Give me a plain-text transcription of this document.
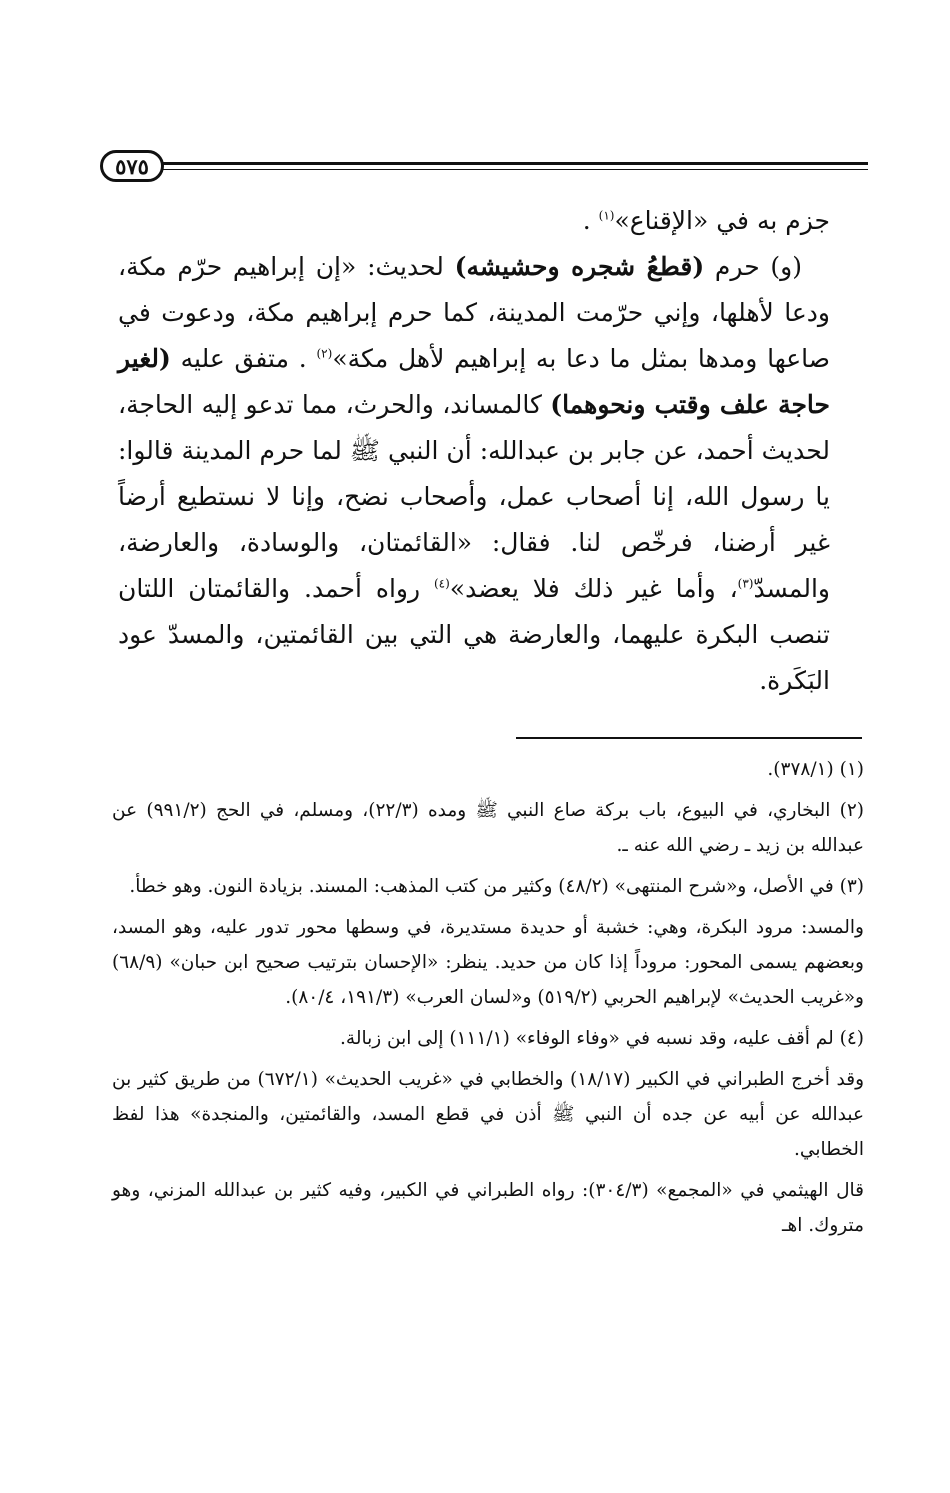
٥٧٥

جزم به في «الإقناع»$^{(١)}$ .

(و) حرم (قطعُ شجره وحشيشه) لحديث: «إن إبراهيم حرّم مكة، ودعا لأهلها، وإني حرّمت المدينة، كما حرم إبراهيم مكة، ودعوت في صاعها ومدها بمثل ما دعا به إبراهيم لأهل مكة»$^{(٢)}$ . متفق عليه (لغير حاجة علف وقتب ونحوهما) كالمساند، والحرث، مما تدعو إليه الحاجة، لحديث أحمد، عن جابر بن عبدالله: أن النبي ﷺ لما حرم المدينة قالوا: يا رسول الله، إنا أصحاب عمل، وأصحاب نضح، وإنا لا نستطيع أرضاً غير أرضنا، فرخّص لنا. فقال: «القائمتان، والوسادة، والعارضة، والمسدّ$^{(٣)}$، وأما غير ذلك فلا يعضد»$^{(٤)}$ رواه أحمد. والقائمتان اللتان تنصب البكرة عليهما، والعارضة هي التي بين القائمتين، والمسدّ عود البَكَرة.

(١) (٣٧٨/١).

(٢) البخاري، في البيوع، باب بركة صاع النبي ﷺ ومده (٢٢/٣)، ومسلم، في الحج (٩٩١/٢) عن عبدالله بن زيد ـ رضي الله عنه ـ.

(٣) في الأصل، و«شرح المنتهى» (٤٨/٢) وكثير من كتب المذهب: المسند. بزيادة النون. وهو خطأ.

والمسد: مرود البكرة، وهي: خشبة أو حديدة مستديرة، في وسطها محور تدور عليه، وهو المسد، وبعضهم يسمى المحور: مروداً إذا كان من حديد. ينظر: «الإحسان بترتيب صحيح ابن حبان» (٦٨/٩) و«غريب الحديث» لإبراهيم الحربي (٥١٩/٢) و«لسان العرب» (١٩١/٣، ٨٠/٤).

(٤) لم أقف عليه، وقد نسبه في «وفاء الوفاء» (١١١/١) إلى ابن زبالة.

وقد أخرج الطبراني في الكبير (١٨/١٧) والخطابي في «غريب الحديث» (٦٧٢/١) من طريق كثير بن عبدالله عن أبيه عن جده أن النبي ﷺ أذن في قطع المسد، والقائمتين، والمنجدة» هذا لفظ الخطابي.

قال الهيثمي في «المجمع» (٣٠٤/٣): رواه الطبراني في الكبير، وفيه كثير بن عبدالله المزني، وهو متروك. اهـ
